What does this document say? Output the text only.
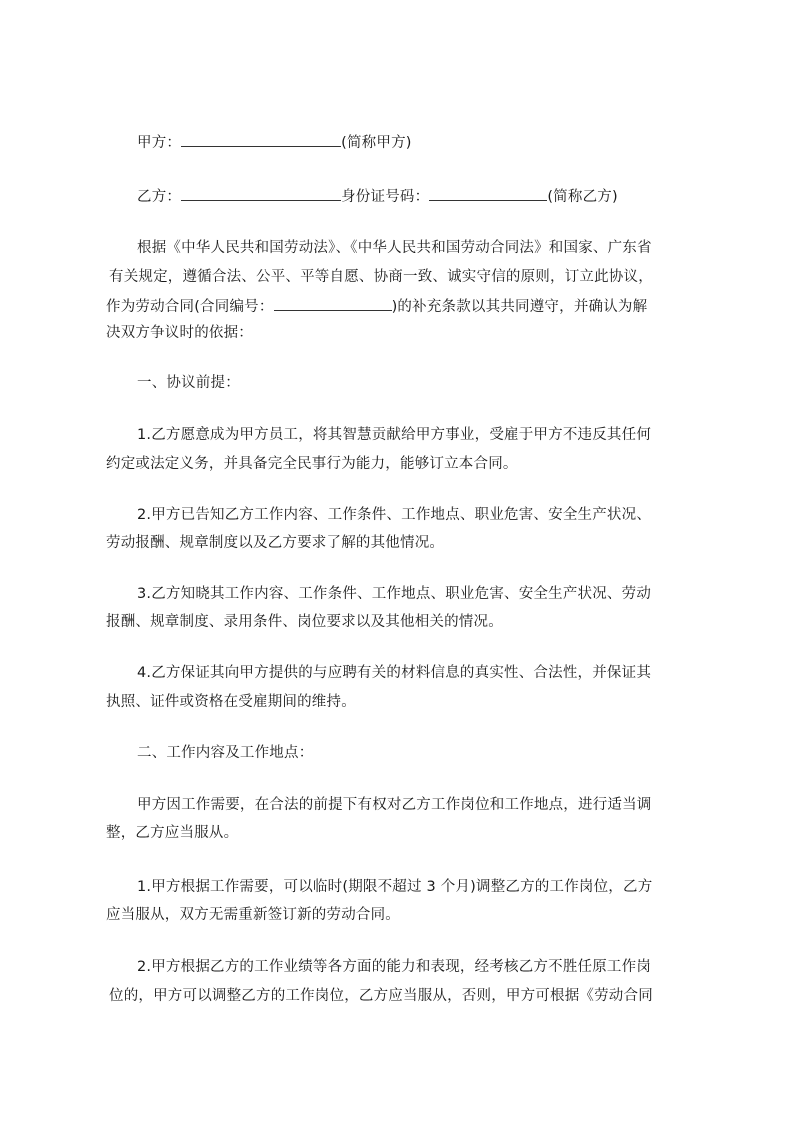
甲方：	(简称甲方)
乙方：	身份证号码：	(简称乙方)
根据《中华人民共和国劳动法》、《中华人民共和国劳动合同法》和国家、广东省
有关规定，遵循合法、公平、平等自愿、协商一致、诚实守信的原则，订立此协议，
作为劳动合同(合同编号：	)的补充条款以其共同遵守，并确认为解
决双方争议时的依据：
一、协议前提：
1.乙方愿意成为甲方员工，将其智慧贡献给甲方事业，受雇于甲方不违反其任何
约定或法定义务，并具备完全民事行为能力，能够订立本合同。
2.甲方已告知乙方工作内容、工作条件、工作地点、职业危害、安全生产状况、
劳动报酬、规章制度以及乙方要求了解的其他情况。
3.乙方知晓其工作内容、工作条件、工作地点、职业危害、安全生产状况、劳动
报酬、规章制度、录用条件、岗位要求以及其他相关的情况。
4.乙方保证其向甲方提供的与应聘有关的材料信息的真实性、合法性，并保证其
执照、证件或资格在受雇期间的维持。
二、工作内容及工作地点：
甲方因工作需要，在合法的前提下有权对乙方工作岗位和工作地点，进行适当调
整，乙方应当服从。
1.甲方根据工作需要，可以临时(期限不超过 3 个月)调整乙方的工作岗位，乙方
应当服从，双方无需重新签订新的劳动合同。
2.甲方根据乙方的工作业绩等各方面的能力和表现，经考核乙方不胜任原工作岗
位的，甲方可以调整乙方的工作岗位，乙方应当服从，否则，甲方可根据《劳动合同
